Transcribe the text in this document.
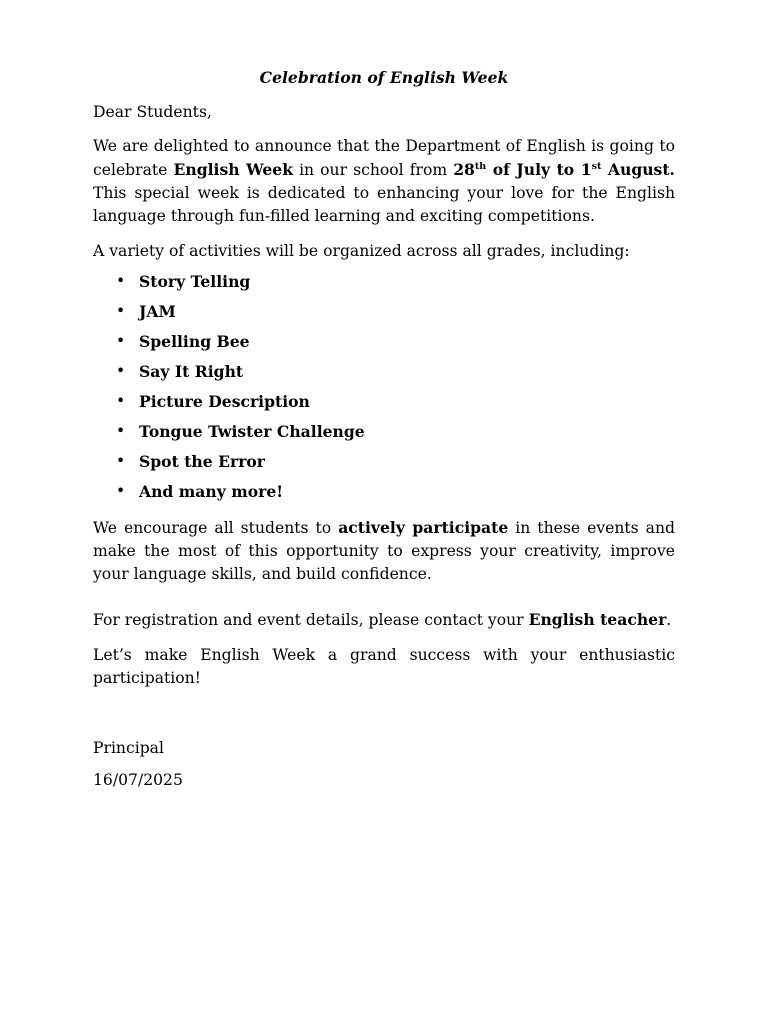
Celebration of English Week

Dear Students,

We are delighted to announce that the Department of English is going to celebrate English Week in our school from 28th of July to 1st August. This special week is dedicated to enhancing your love for the English language through fun-filled learning and exciting competitions.

A variety of activities will be organized across all grades, including:

• Story Telling
• JAM
• Spelling Bee
• Say It Right
• Picture Description
• Tongue Twister Challenge
• Spot the Error
• And many more!

We encourage all students to actively participate in these events and make the most of this opportunity to express your creativity, improve your language skills, and build confidence.

For registration and event details, please contact your English teacher.

Let’s make English Week a grand success with your enthusiastic participation!

Principal

16/07/2025
